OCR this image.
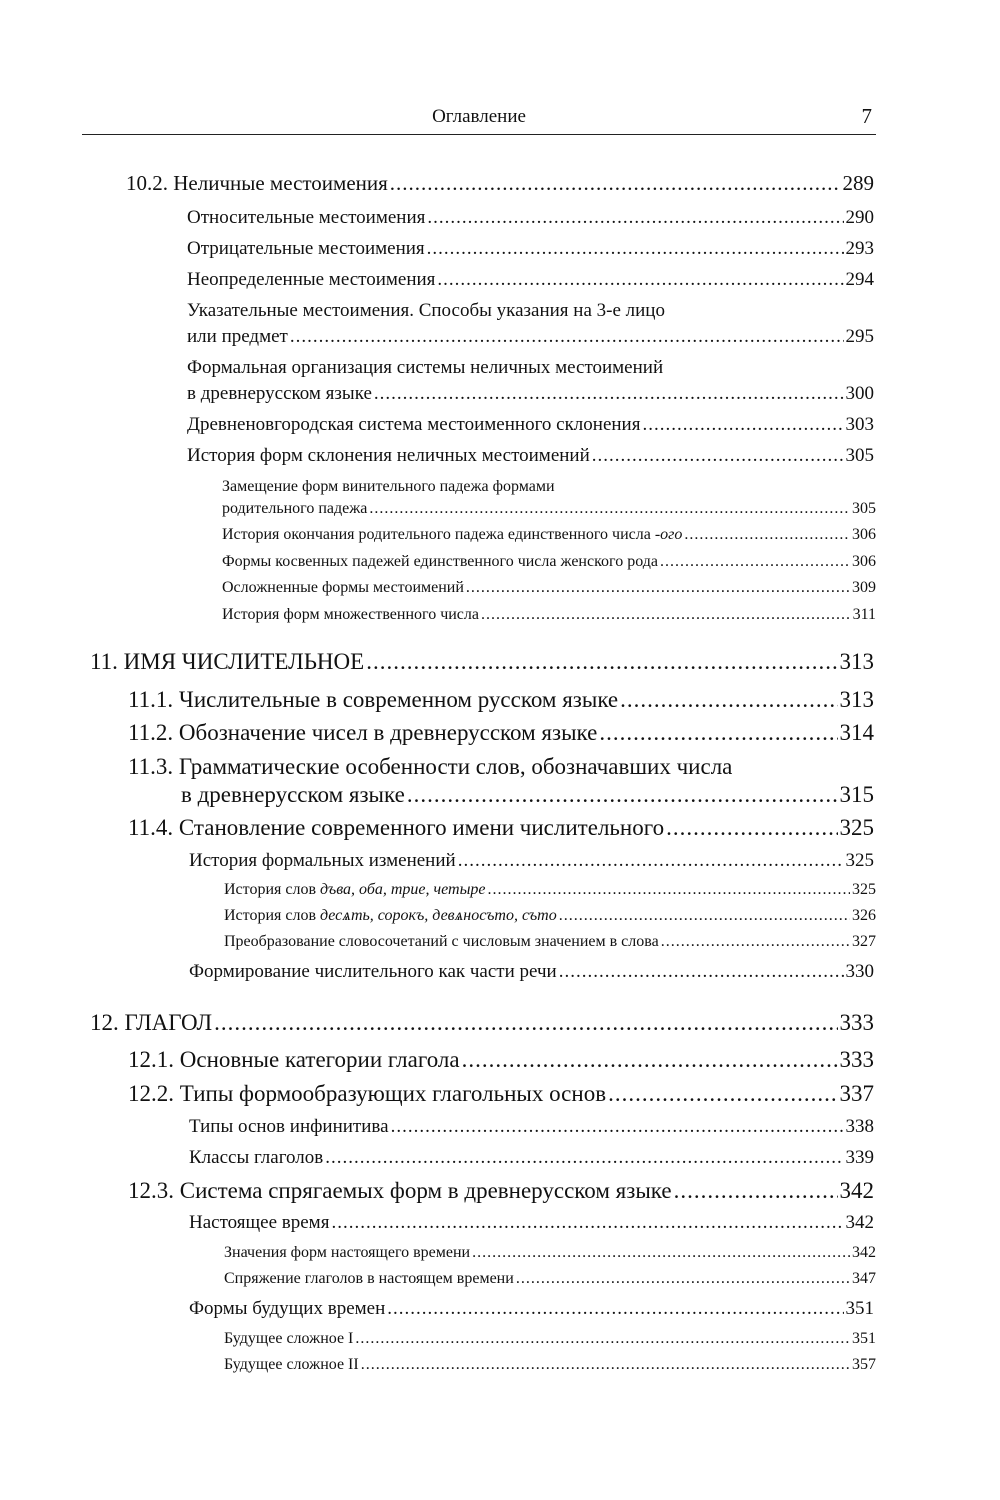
Оглавление	7
10.2. Неличные местоимения .....	289
Относительные местоимения .....	290
Отрицательные местоимения .....	293
Неопределенные местоимения .....	294
Указательные местоимения. Способы указания на 3-е лицо
или предмет .....	295
Формальная организация системы неличных местоимений
в древнерусском языке .....	300
Древненовгородская система местоименного склонения .....	303
История форм склонения неличных местоимений .....	305
Замещение форм винительного падежа формами
родительного падежа .....	305
История окончания родительного падежа единственного числа -ого .....	306
Формы косвенных падежей единственного числа женского рода .....	306
Осложненные формы местоимений .....	309
История форм множественного числа .....	311
11. ИМЯ ЧИСЛИТЕЛЬНОЕ .....	313
11.1. Числительные в современном русском языке .....	313
11.2. Обозначение чисел в древнерусском языке .....	314
11.3. Грамматические особенности слов, обозначавших числа
в древнерусском языке .....	315
11.4. Становление современного имени числительного .....	325
История формальных изменений .....	325
История слов дъва, оба, трие, четыре .....	325
История слов десѧть, сорокъ, девѧносъто, съто .....	326
Преобразование словосочетаний с числовым значением в слова .....	327
Формирование числительного как части речи .....	330
12. ГЛАГОЛ .....	333
12.1. Основные категории глагола .....	333
12.2. Типы формообразующих глагольных основ .....	337
Типы основ инфинитива .....	338
Классы глаголов .....	339
12.3. Система спрягаемых форм в древнерусском языке .....	342
Настоящее время .....	342
Значения форм настоящего времени .....	342
Спряжение глаголов в настоящем времени .....	347
Формы будущих времен .....	351
Будущее сложное I .....	351
Будущее сложное II .....	357
